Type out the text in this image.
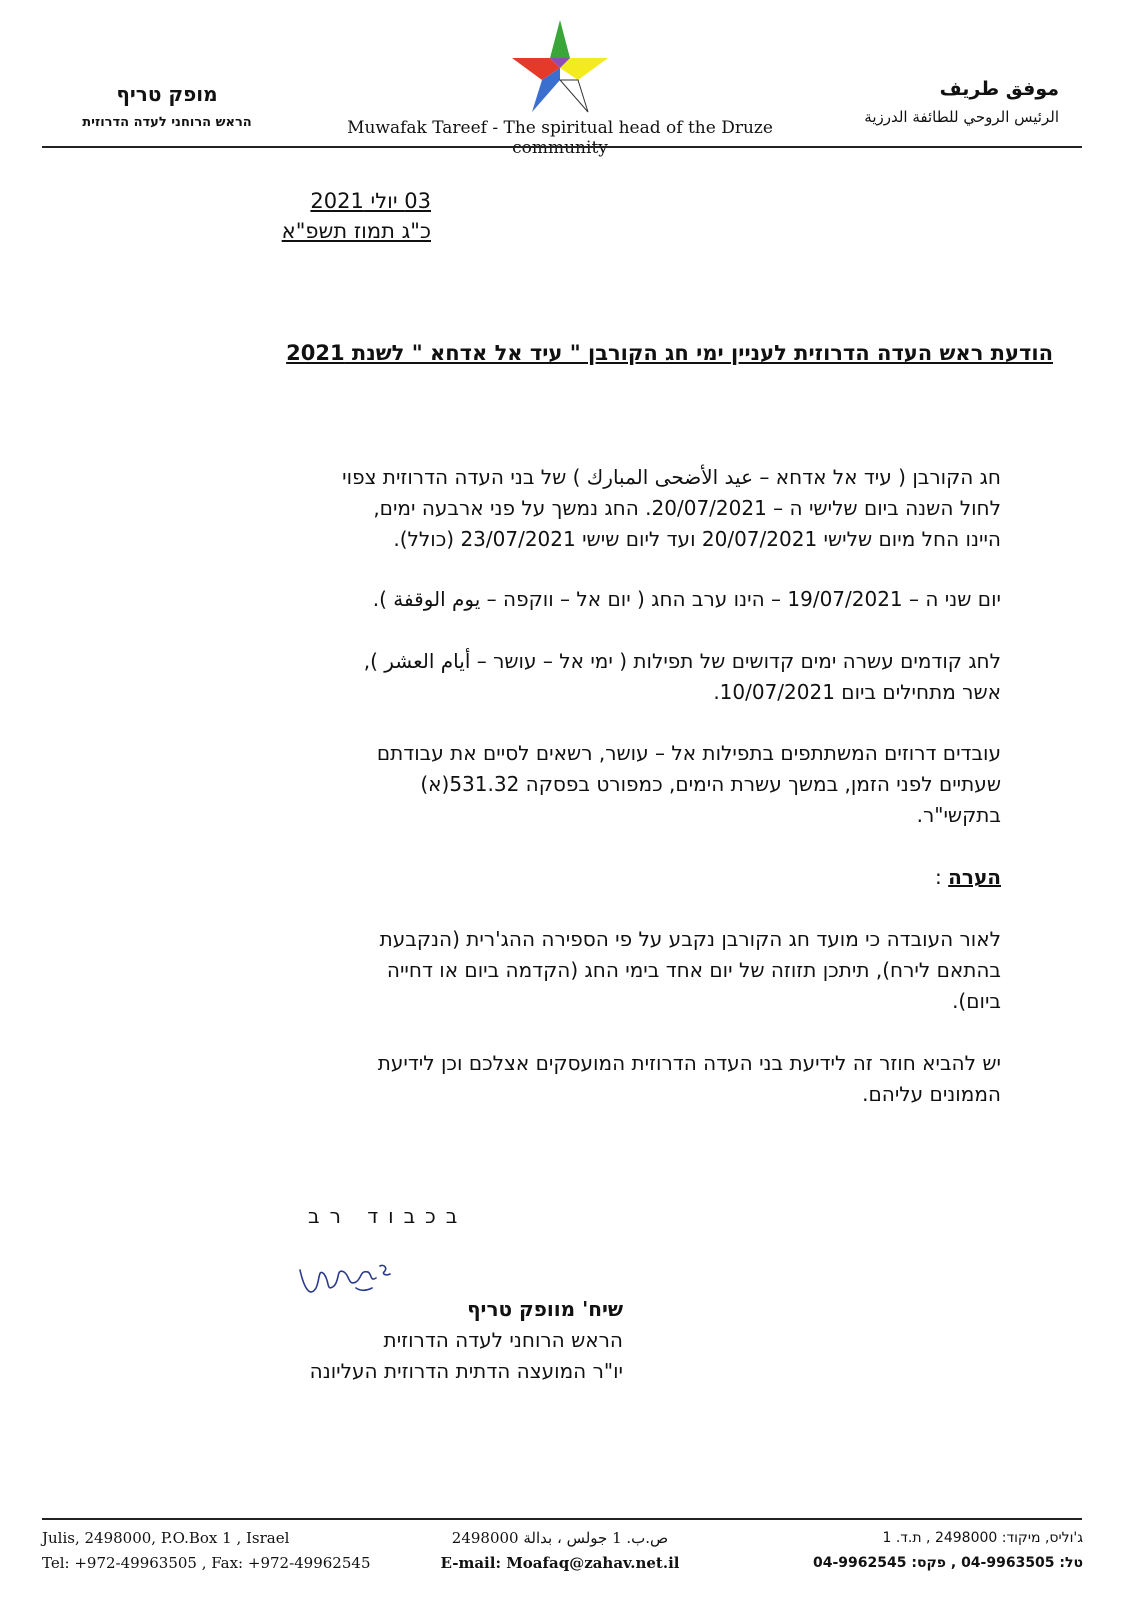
موفق طريف
الرئيس الروحي للطائفة الدرزية
Muwafak Tareef - The spiritual head of the Druze community
מופק טריף
הראש הרוחני לעדה הדרוזית
03 יולי 2021
כ"ג תמוז תשפ"א
הודעת ראש העדה הדרוזית לעניין ימי חג הקורבן " עיד אל אדחא " לשנת 2021

חג הקורבן ( עיד אל אדחא – عيد الأضحى المبارك ) של בני העדה הדרוזית צפוי

לחול השנה ביום שלישי ה – 20/07/2021. החג נמשך על פני ארבעה ימים,

היינו החל מיום שלישי 20/07/2021 ועד ליום שישי 23/07/2021 (כולל).

יום שני ה – 19/07/2021 – הינו ערב החג ( יום אל – ווקפה – يوم الوقفة ).

לחג קודמים עשרה ימים קדושים של תפילות ( ימי אל – עושר – أيام العشر ),

אשר מתחילים ביום 10/07/2021.

עובדים דרוזים המשתתפים בתפילות אל – עושר, רשאים לסיים את עבודתם

שעתיים לפני הזמן, במשך עשרת הימים, כמפורט בפסקה 531.32(א)

בתקשי"ר.

הערה :

לאור העובדה כי מועד חג הקורבן נקבע על פי הספירה ההג'רית (הנקבעת

בהתאם לירח), תיתכן תזוזה של יום אחד בימי החג (הקדמה ביום או דחייה

ביום).

יש להביא חוזר זה לידיעת בני העדה הדרוזית המועסקים אצלכם וכן לידיעת

הממונים עליהם.

בכבוד רב
שיח' מוופק טריף
הראש הרוחני לעדה הדרוזית
יו"ר המועצה הדתית הדרוזית העליונה
Julis, 2498000, P.O.Box 1 , Israel
Tel: +972-49963505 , Fax: +972-49962545
ص.ب. 1 جولس ، بدالة 2498000
E-mail: Moafaq@zahav.net.il
ג'וליס, מיקוד: 2498000 , ת.ד. 1
טל: 04-9963505 , פקס: 04-9962545
